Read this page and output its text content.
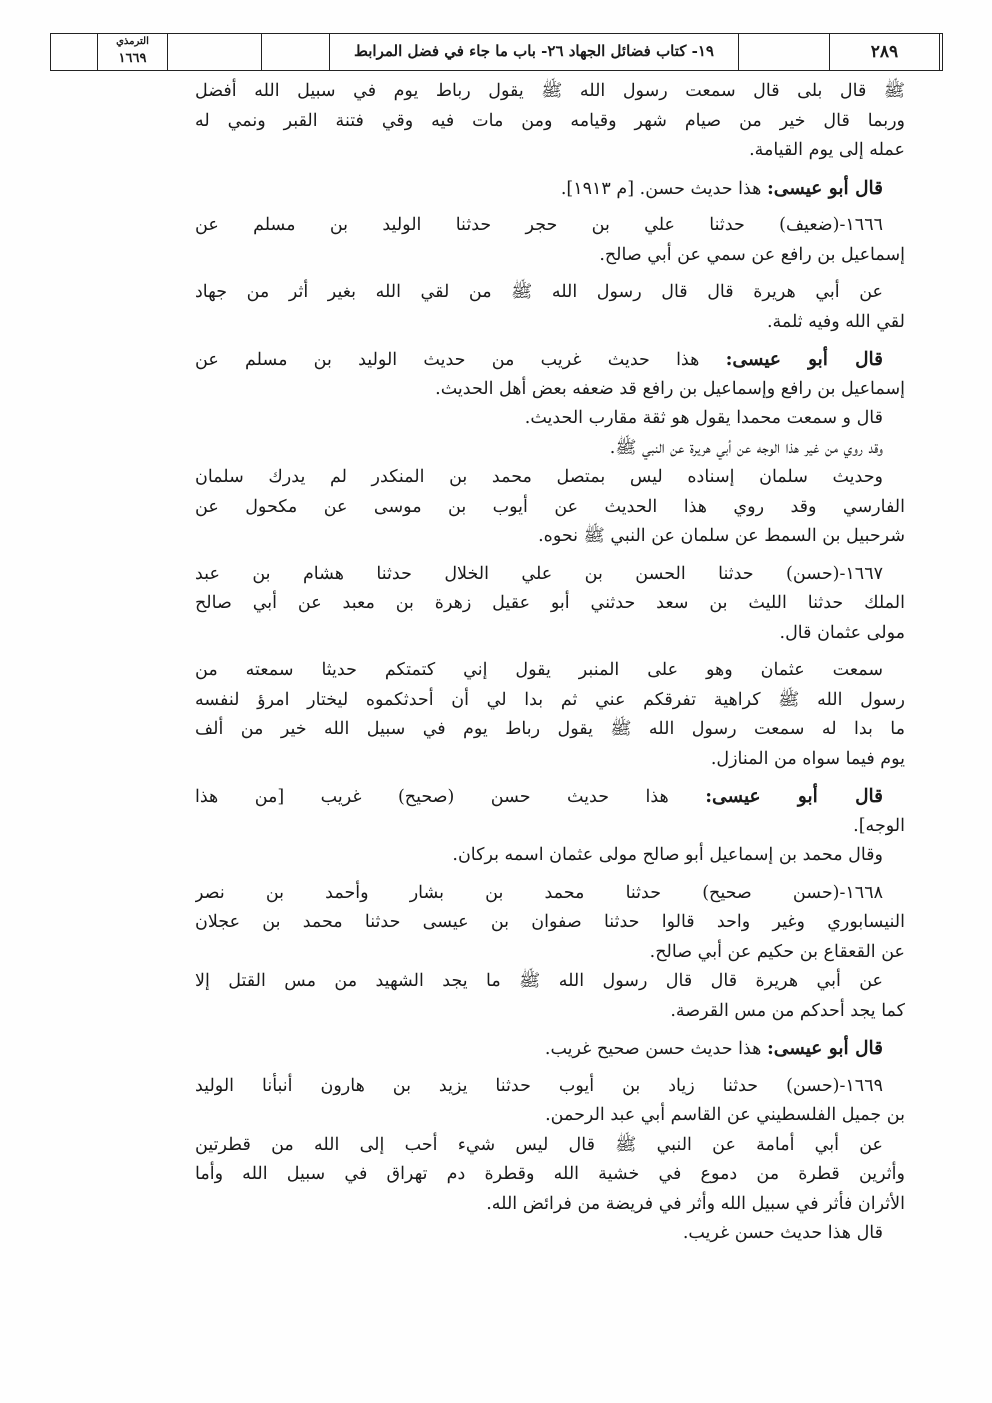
الترمذي
١٦٦٩	١٩- كتاب فضائل الجهاد ٢٦- باب ما جاء في فضل المرابط	٢٨٩
ﷺ قال بلى قال سمعت رسول الله ﷺ يقول رباط يوم في سبيل الله أفضل
وربما قال خير من صيام شهر وقيامه ومن مات فيه وقي فتنة القبر ونمي له
عمله إلى يوم القيامة.
قال أبو عيسى: هذا حديث حسن. [م ١٩١٣].
١٦٦٦-(ضعيف) حدثنا علي بن حجر حدثنا الوليد بن مسلم عن
إسماعيل بن رافع عن سمي عن أبي صالح.
عن أبي هريرة قال قال رسول الله ﷺ من لقي الله بغير أثر من جهاد
لقي الله وفيه ثلمة.
قال أبو عيسى: هذا حديث غريب من حديث الوليد بن مسلم عن
إسماعيل بن رافع وإسماعيل بن رافع قد ضعفه بعض أهل الحديث.
قال و سمعت محمدا يقول هو ثقة مقارب الحديث.
وقد روي من غير هذا الوجه عن أبي هريرة عن النبي ﷺ.
وحديث سلمان إسناده ليس بمتصل محمد بن المنكدر لم يدرك سلمان
الفارسي وقد روي هذا الحديث عن أيوب بن موسى عن مكحول عن
شرحبيل بن السمط عن سلمان عن النبي ﷺ نحوه.
١٦٦٧-(حسن) حدثنا الحسن بن علي الخلال حدثنا هشام بن عبد
الملك حدثنا الليث بن سعد حدثني أبو عقيل زهرة بن معبد عن أبي صالح
مولى عثمان قال.
سمعت عثمان وهو على المنبر يقول إني كتمتكم حديثا سمعته من
رسول الله ﷺ كراهية تفرقكم عني ثم بدا لي أن أحدثكموه ليختار امرؤ لنفسه
ما بدا له سمعت رسول الله ﷺ يقول رباط يوم في سبيل الله خير من ألف
يوم فيما سواه من المنازل.
قال أبو عيسى: هذا حديث حسن (صحيح) غريب [من هذا
الوجه].
وقال محمد بن إسماعيل أبو صالح مولى عثمان اسمه بركان.
١٦٦٨-(حسن صحيح) حدثنا محمد بن بشار وأحمد بن نصر
النيسابوري وغير واحد قالوا حدثنا صفوان بن عيسى حدثنا محمد بن عجلان
عن القعقاع بن حكيم عن أبي صالح.
عن أبي هريرة قال قال رسول الله ﷺ ما يجد الشهيد من مس القتل إلا
كما يجد أحدكم من مس القرصة.
قال أبو عيسى: هذا حديث حسن صحيح غريب.
١٦٦٩-(حسن) حدثنا زياد بن أيوب حدثنا يزيد بن هارون أنبأنا الوليد
بن جميل الفلسطيني عن القاسم أبي عبد الرحمن.
عن أبي أمامة عن النبي ﷺ قال ليس شيء أحب إلى الله من قطرتين
وأثرين قطرة من دموع في خشية الله وقطرة دم تهراق في سبيل الله وأما
الأثران فأثر في سبيل الله وأثر في فريضة من فرائض الله.
قال هذا حديث حسن غريب.
